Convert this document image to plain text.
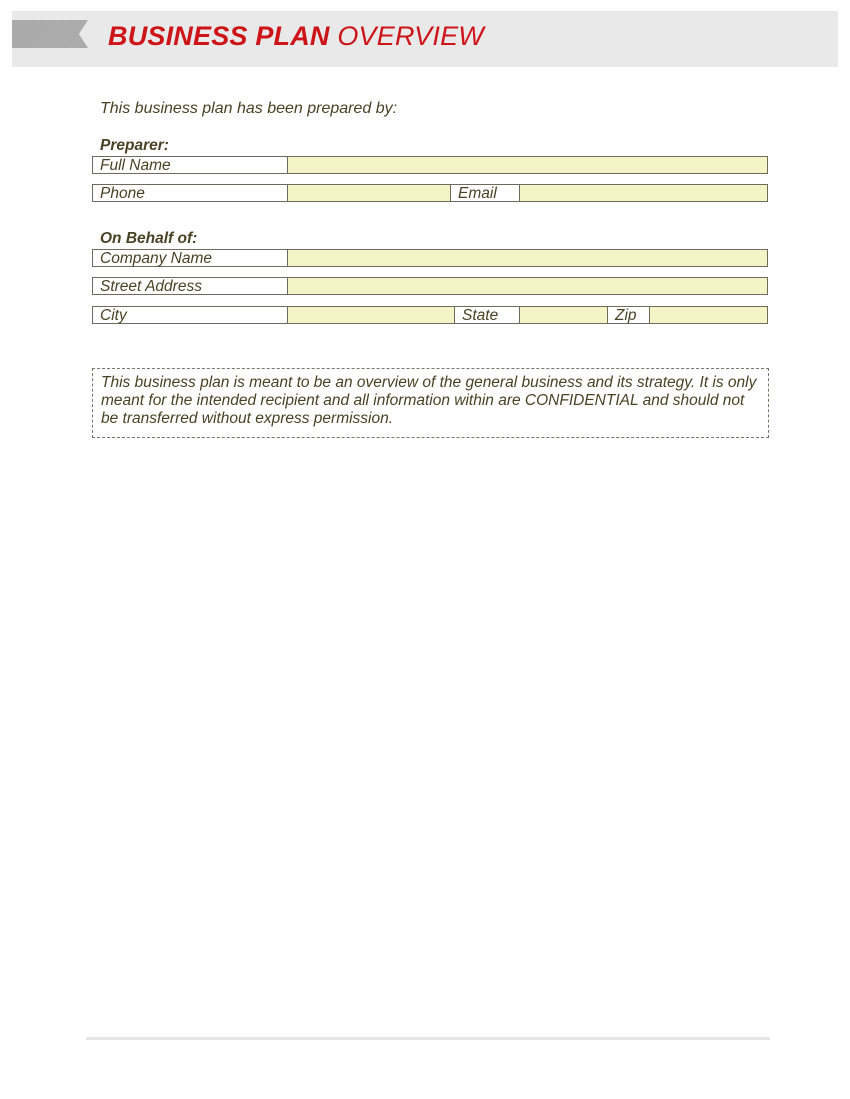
BUSINESS PLAN OVERVIEW
This business plan has been prepared by:
Preparer:
Full Name
Phone	Email
On Behalf of:
Company Name
Street Address
City	State	Zip
This business plan is meant to be an overview of the general business and its strategy. It is only meant for the intended recipient and all information within are CONFIDENTIAL and should not be transferred without express permission.
